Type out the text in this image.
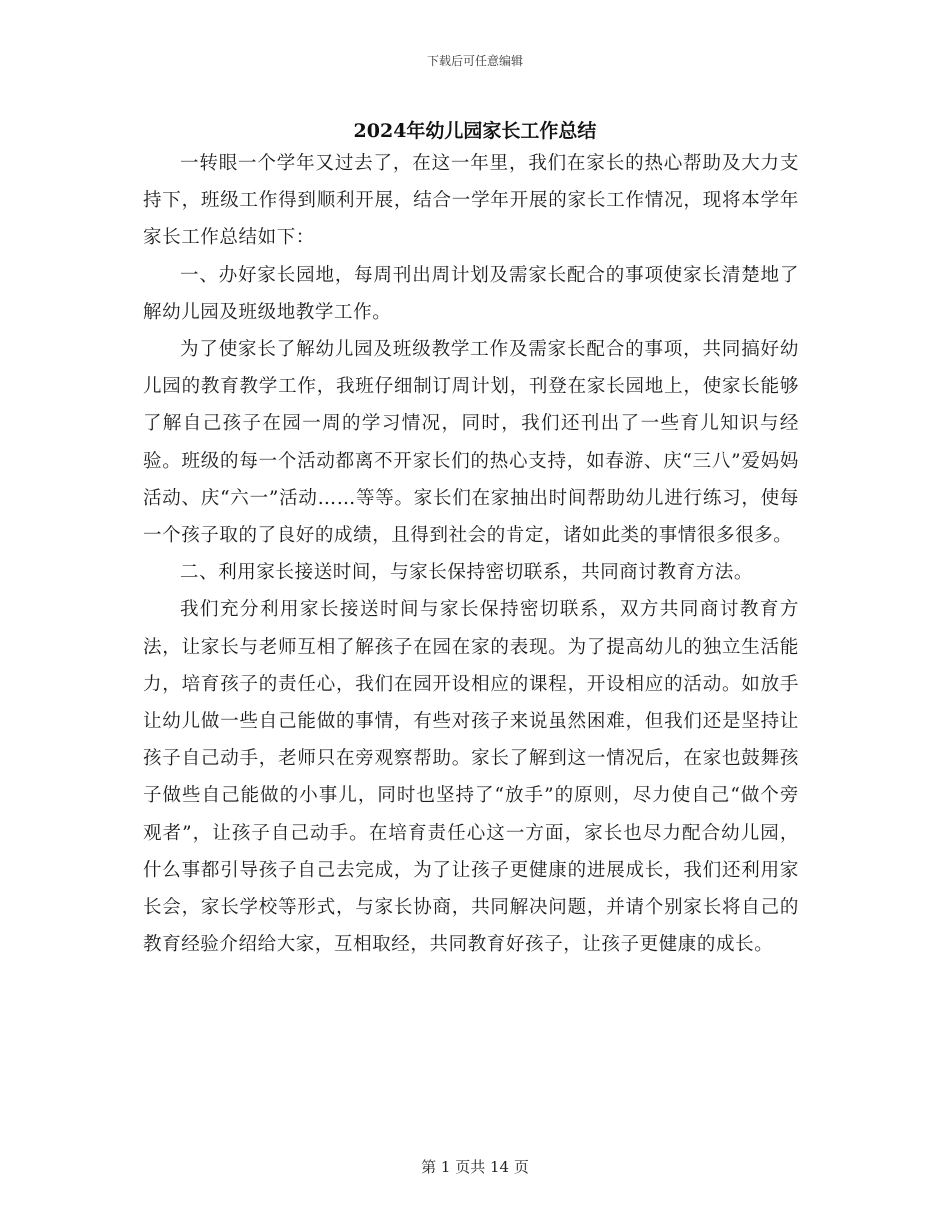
下载后可任意编辑
2024年幼儿园家长工作总结

一转眼一个学年又过去了，在这一年里，我们在家长的热心帮助及大力支持下，班级工作得到顺利开展，结合一学年开展的家长工作情况，现将本学年家长工作总结如下：

一、办好家长园地，每周刊出周计划及需家长配合的事项使家长清楚地了解幼儿园及班级地教学工作。

为了使家长了解幼儿园及班级教学工作及需家长配合的事项，共同搞好幼儿园的教育教学工作，我班仔细制订周计划，刊登在家长园地上，使家长能够了解自己孩子在园一周的学习情况，同时，我们还刊出了一些育儿知识与经验。班级的每一个活动都离不开家长们的热心支持，如春游、庆“三八”爱妈妈活动、庆“六一”活动……等等。家长们在家抽出时间帮助幼儿进行练习，使每一个孩子取的了良好的成绩，且得到社会的肯定，诸如此类的事情很多很多。

二、利用家长接送时间，与家长保持密切联系，共同商讨教育方法。

我们充分利用家长接送时间与家长保持密切联系，双方共同商讨教育方法，让家长与老师互相了解孩子在园在家的表现。为了提高幼儿的独立生活能力，培育孩子的责任心，我们在园开设相应的课程，开设相应的活动。如放手让幼儿做一些自己能做的事情，有些对孩子来说虽然困难，但我们还是坚持让孩子自己动手，老师只在旁观察帮助。家长了解到这一情况后，在家也鼓舞孩子做些自己能做的小事儿，同时也坚持了“放手”的原则，尽力使自己“做个旁观者”，让孩子自己动手。在培育责任心这一方面，家长也尽力配合幼儿园，什么事都引导孩子自己去完成，为了让孩子更健康的进展成长，我们还利用家长会，家长学校等形式，与家长协商，共同解决问题，并请个别家长将自己的教育经验介绍给大家，互相取经，共同教育好孩子，让孩子更健康的成长。

第 1 页共 14 页
